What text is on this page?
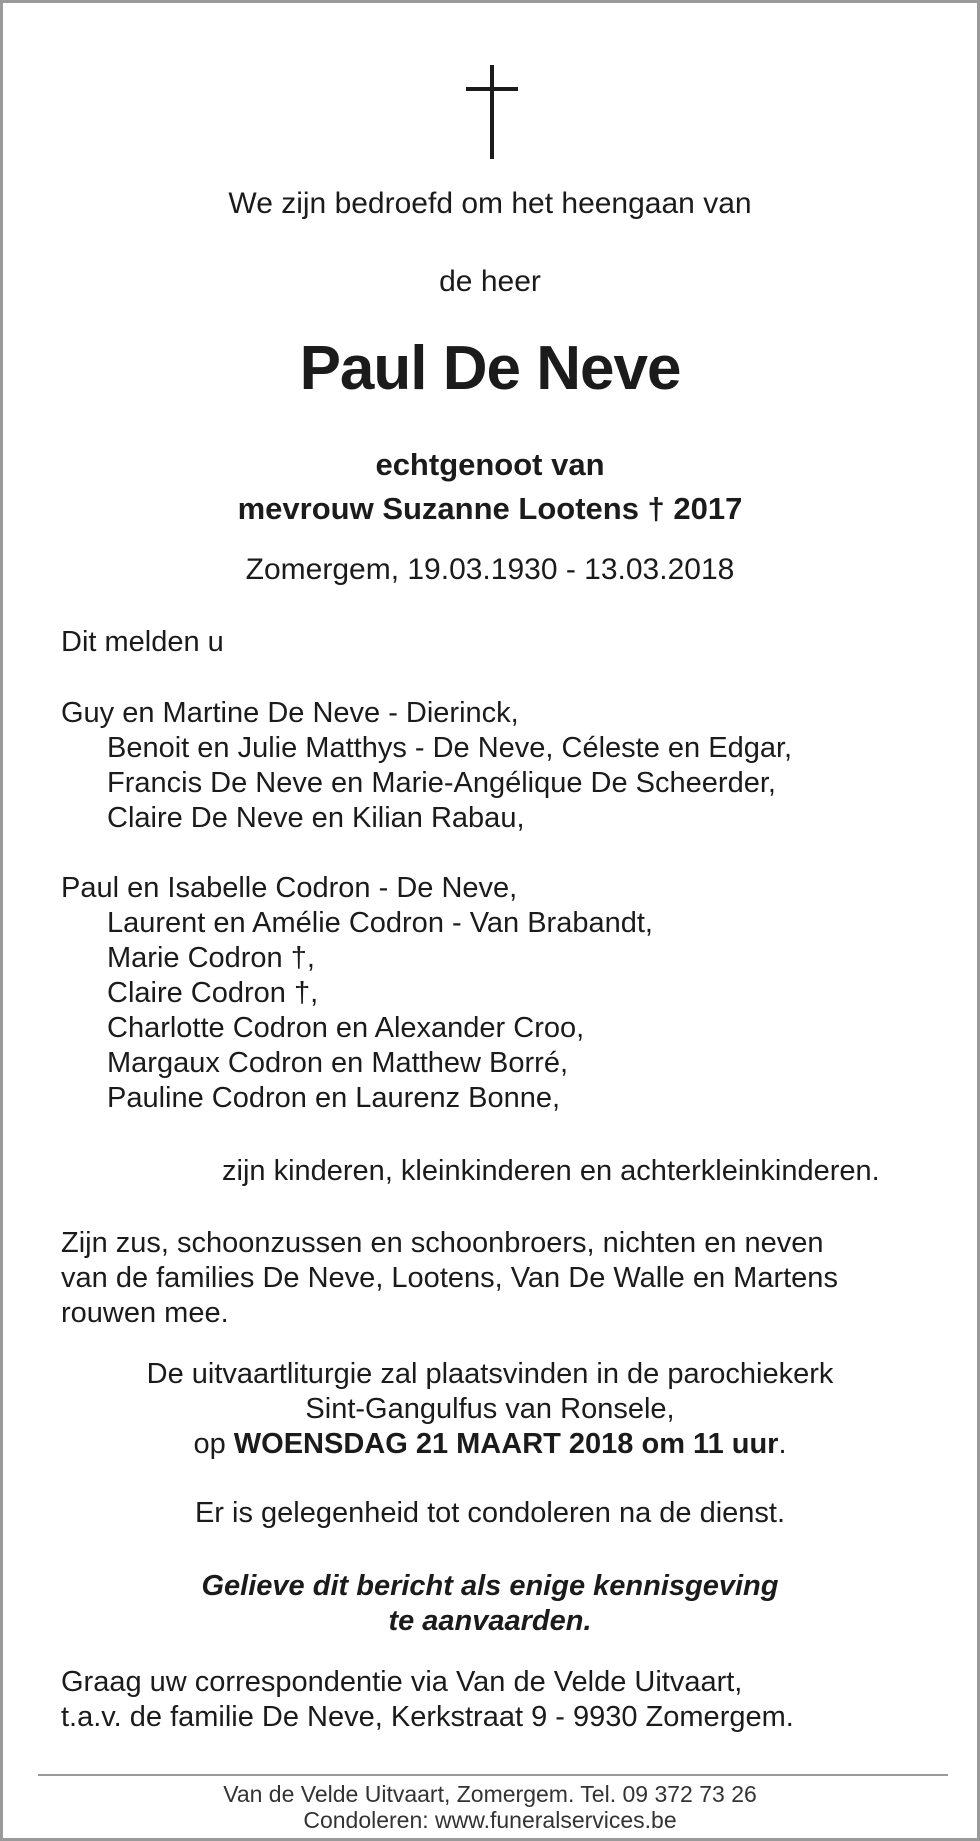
We zijn bedroefd om het heengaan van
de heer
Paul De Neve
echtgenoot van
mevrouw Suzanne Lootens † 2017
Zomergem, 19.03.1930 - 13.03.2018
Dit melden u
Guy en Martine De Neve - Dierinck,
Benoit en Julie Matthys - De Neve, Céleste en Edgar,
Francis De Neve en Marie-Angélique De Scheerder,
Claire De Neve en Kilian Rabau,
Paul en Isabelle Codron - De Neve,
Laurent en Amélie Codron - Van Brabandt,
Marie Codron †,
Claire Codron †,
Charlotte Codron en Alexander Croo,
Margaux Codron en Matthew Borré,
Pauline Codron en Laurenz Bonne,
zijn kinderen, kleinkinderen en achterkleinkinderen.
Zijn zus, schoonzussen en schoonbroers, nichten en neven
van de families De Neve, Lootens, Van De Walle en Martens
rouwen mee.
De uitvaartliturgie zal plaatsvinden in de parochiekerk
Sint-Gangulfus van Ronsele,
op WOENSDAG 21 MAART 2018 om 11 uur.
Er is gelegenheid tot condoleren na de dienst.
Gelieve dit bericht als enige kennisgeving
te aanvaarden.
Graag uw correspondentie via Van de Velde Uitvaart,
t.a.v. de familie De Neve, Kerkstraat 9 - 9930 Zomergem.
Van de Velde Uitvaart, Zomergem. Tel. 09 372 73 26
Condoleren: www.funeralservices.be
